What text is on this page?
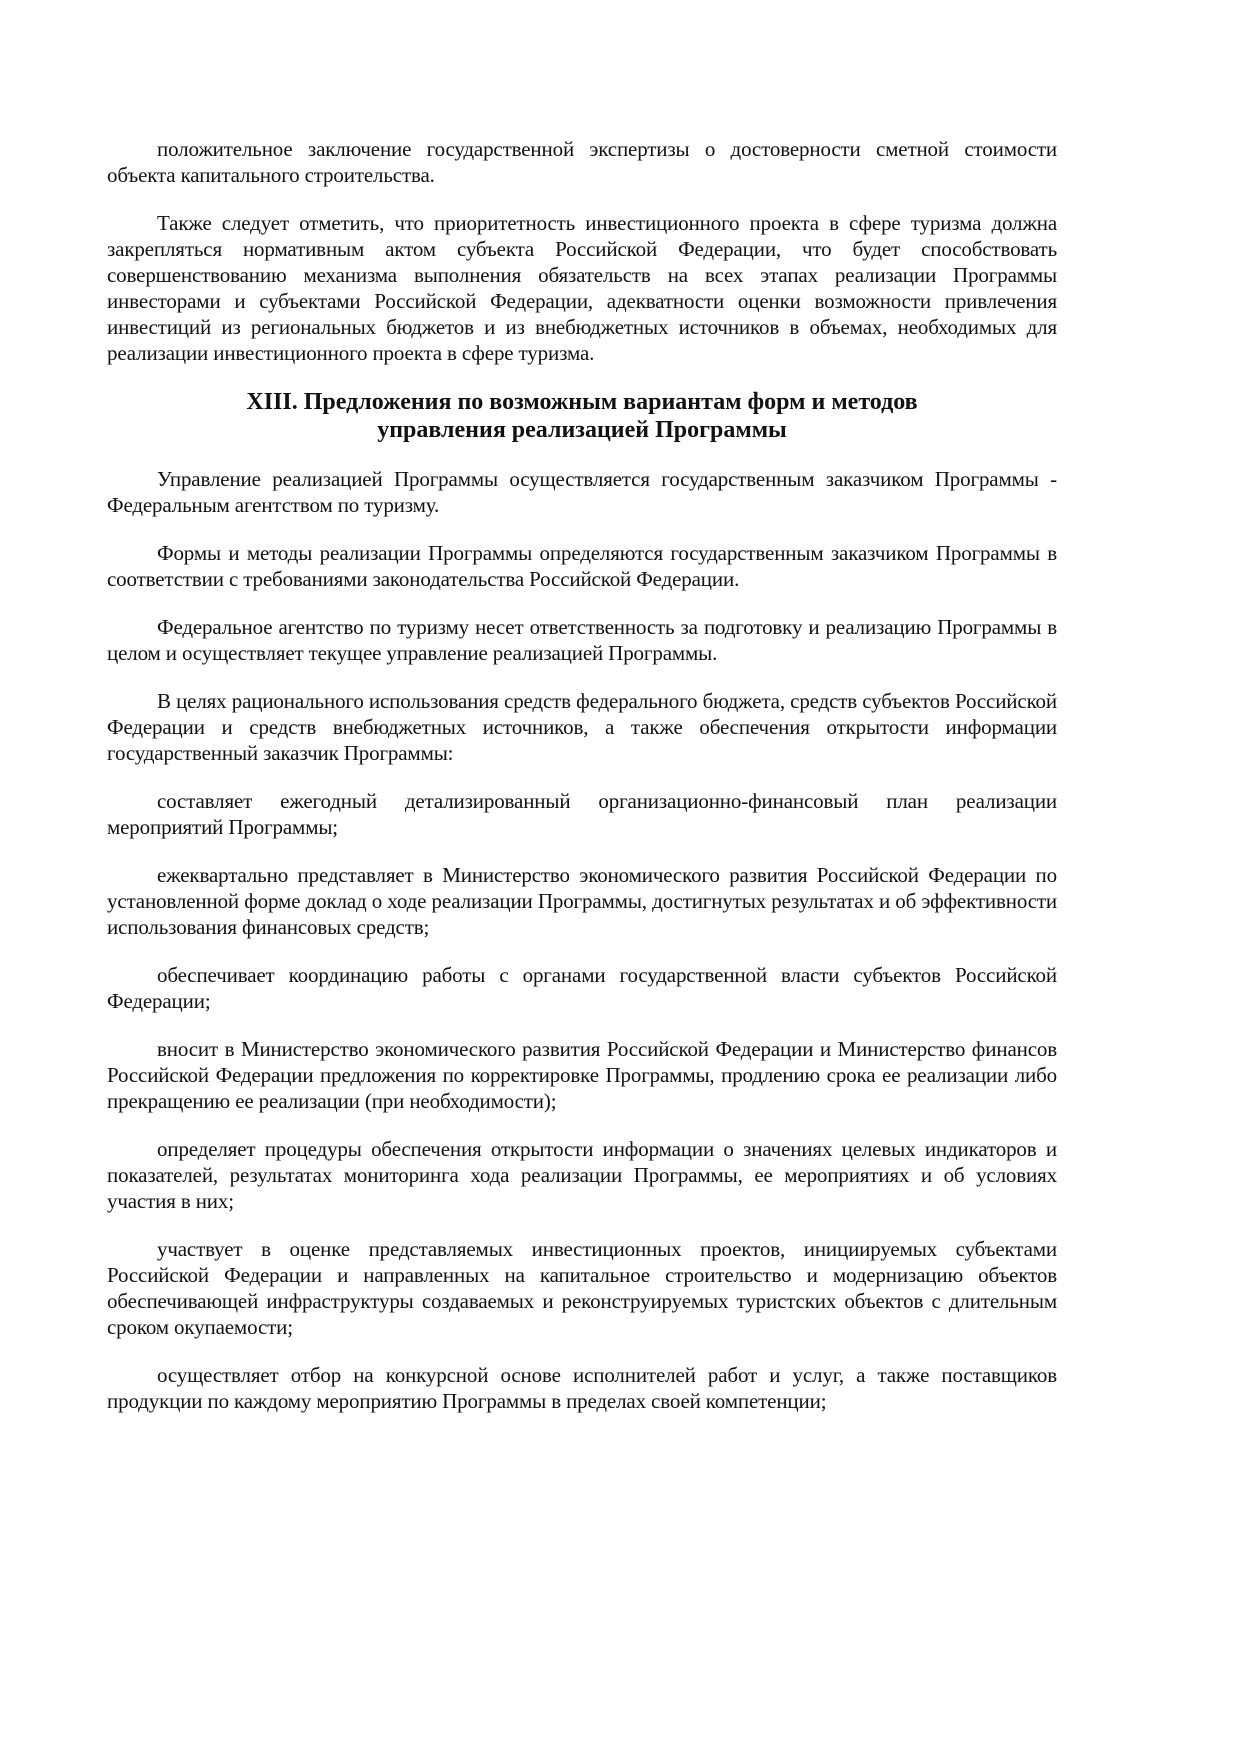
положительное заключение государственной экспертизы о достоверности сметной стоимости объекта капитального строительства.

Также следует отметить, что приоритетность инвестиционного проекта в сфере туризма должна закрепляться нормативным актом субъекта Российской Федерации, что будет способствовать совершенствованию механизма выполнения обязательств на всех этапах реализации Программы инвесторами и субъектами Российской Федерации, адекватности оценки возможности привлечения инвестиций из региональных бюджетов и из внебюджетных источников в объемах, необходимых для реализации инвестиционного проекта в сфере туризма.

XIII. Предложения по возможным вариантам форм и методов
управления реализацией Программы

Управление реализацией Программы осуществляется государственным заказчиком Программы - Федеральным агентством по туризму.

Формы и методы реализации Программы определяются государственным заказчиком Программы в соответствии с требованиями законодательства Российской Федерации.

Федеральное агентство по туризму несет ответственность за подготовку и реализацию Программы в целом и осуществляет текущее управление реализацией Программы.

В целях рационального использования средств федерального бюджета, средств субъектов Российской Федерации и средств внебюджетных источников, а также обеспечения открытости информации государственный заказчик Программы:

составляет ежегодный детализированный организационно-финансовый план реализации мероприятий Программы;

ежеквартально представляет в Министерство экономического развития Российской Федерации по установленной форме доклад о ходе реализации Программы, достигнутых результатах и об эффективности использования финансовых средств;

обеспечивает координацию работы с органами государственной власти субъектов Российской Федерации;

вносит в Министерство экономического развития Российской Федерации и Министерство финансов Российской Федерации предложения по корректировке Программы, продлению срока ее реализации либо прекращению ее реализации (при необходимости);

определяет процедуры обеспечения открытости информации о значениях целевых индикаторов и показателей, результатах мониторинга хода реализации Программы, ее мероприятиях и об условиях участия в них;

участвует в оценке представляемых инвестиционных проектов, инициируемых субъектами Российской Федерации и направленных на капитальное строительство и модернизацию объектов обеспечивающей инфраструктуры создаваемых и реконструируемых туристских объектов с длительным сроком окупаемости;

осуществляет отбор на конкурсной основе исполнителей работ и услуг, а также поставщиков продукции по каждому мероприятию Программы в пределах своей компетенции;
